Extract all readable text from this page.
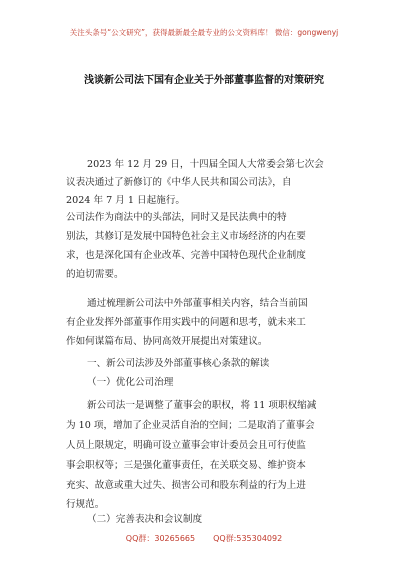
关注头条号“公文研究”，获得最新最全最专业的公文资料库！ 微信：gongwenyj
浅谈新公司法下国有企业关于外部董事监督的对策研究
2023 年 12 月 29 日，十四届全国人大常委会第七次会
议表决通过了新修订的《中华人民共和国公司法》，自
2024 年 7 月 1 日起施行。
公司法作为商法中的头部法，同时又是民法典中的特
别法，其修订是发展中国特色社会主义市场经济的内在要
求，也是深化国有企业改革、完善中国特色现代企业制度
的迫切需要。
通过梳理新公司法中外部董事相关内容，结合当前国
有企业发挥外部董事作用实践中的问题和思考，就未来工
作如何谋篇布局、协同高效开展提出对策建议。
一、新公司法涉及外部董事核心条款的解读
（一）优化公司治理
新公司法一是调整了董事会的职权，将 11 项职权缩减
为 10 项，增加了企业灵活自治的空间；二是取消了董事会
人员上限规定，明确可设立董事会审计委员会且可行使监
事会职权等；三是强化董事责任，在关联交易、维护资本
充实、故意或重大过失、损害公司和股东利益的行为上进
行规范。
（二）完善表决和会议制度
QQ群：30265665 QQ群:535304092
